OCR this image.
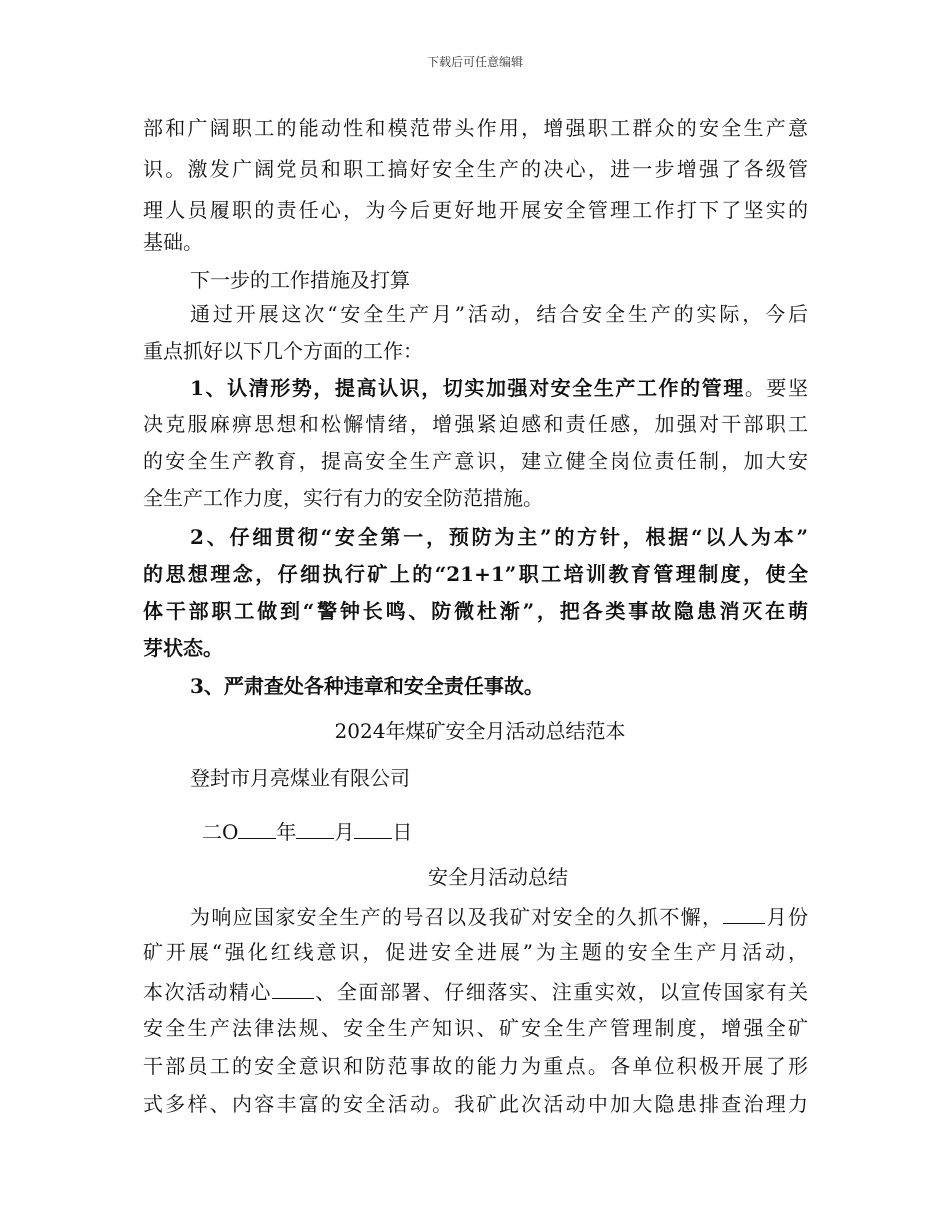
下载后可任意编辑
部和广阔职工的能动性和模范带头作用，增强职工群众的安全生产意
识。激发广阔党员和职工搞好安全生产的决心，进一步增强了各级管
理人员履职的责任心，为今后更好地开展安全管理工作打下了坚实的
基础。
下一步的工作措施及打算
通过开展这次“安全生产月”活动，结合安全生产的实际，今后
重点抓好以下几个方面的工作：
1、认清形势，提高认识，切实加强对安全生产工作的管理。要坚
决克服麻痹思想和松懈情绪，增强紧迫感和责任感，加强对干部职工
的安全生产教育，提高安全生产意识，建立健全岗位责任制，加大安
全生产工作力度，实行有力的安全防范措施。
2、仔细贯彻“安全第一，预防为主”的方针，根据“以人为本”
的思想理念，仔细执行矿上的“21+1”职工培训教育管理制度，使全
体干部职工做到“警钟长鸣、防微杜渐”，把各类事故隐患消灭在萌
芽状态。
3、严肃查处各种违章和安全责任事故。
2024年煤矿安全月活动总结范本
登封市月亮煤业有限公司
二O 年 月 日
安全月活动总结
为响应国家安全生产的号召以及我矿对安全的久抓不懈， 月份
矿开展“强化红线意识，促进安全进展”为主题的安全生产月活动，
本次活动精心 、全面部署、仔细落实、注重实效，以宣传国家有关
安全生产法律法规、安全生产知识、矿安全生产管理制度，增强全矿
干部员工的安全意识和防范事故的能力为重点。各单位积极开展了形
式多样、内容丰富的安全活动。我矿此次活动中加大隐患排查治理力
